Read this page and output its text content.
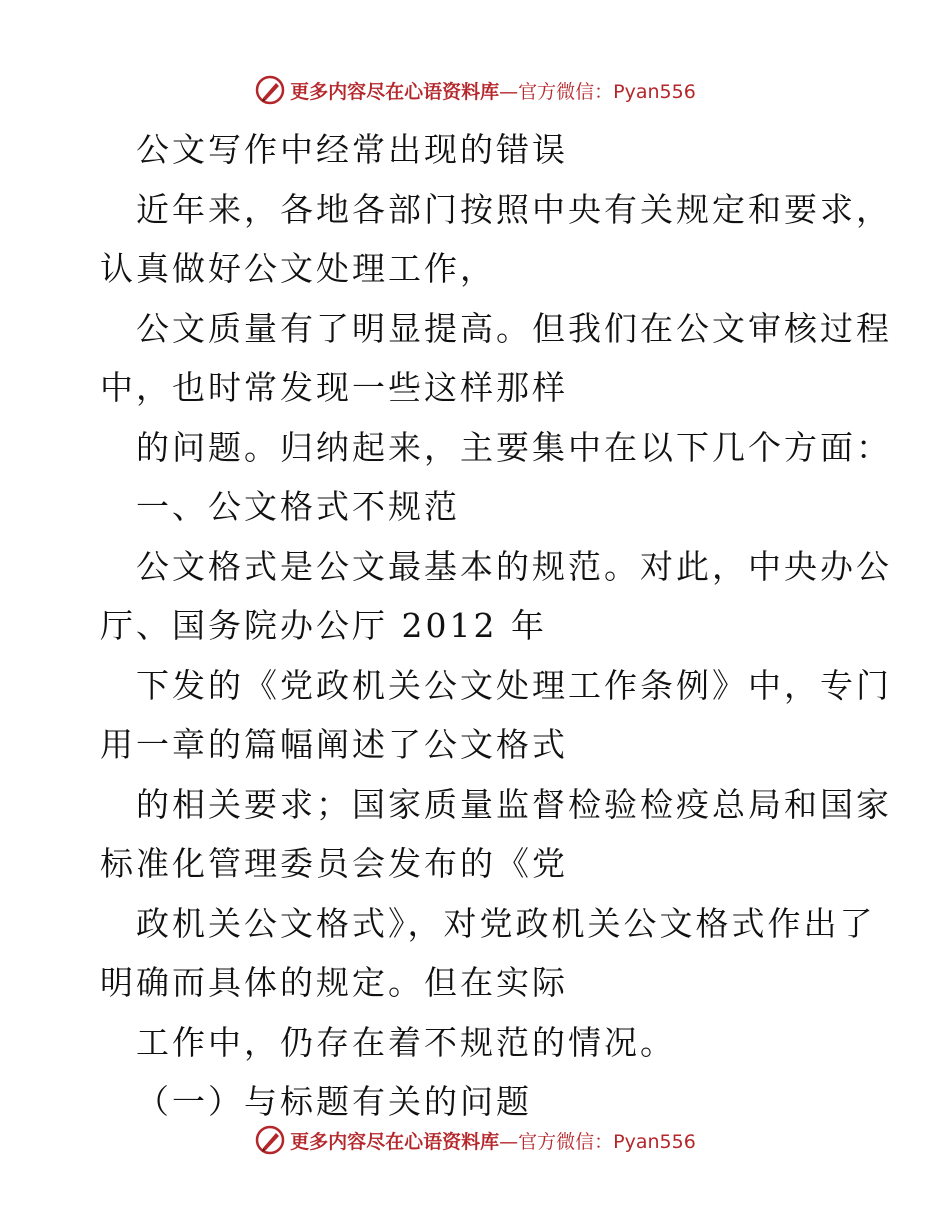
更多内容尽在心语资料库—官方微信：Pyan556
公文写作中经常出现的错误
近年来，各地各部门按照中央有关规定和要求，
认真做好公文处理工作，
公文质量有了明显提高。但我们在公文审核过程
中，也时常发现一些这样那样
的问题。归纳起来，主要集中在以下几个方面：
一、公文格式不规范
公文格式是公文最基本的规范。对此，中央办公
厅、国务院办公厅 2012 年
下发的《党政机关公文处理工作条例》中，专门
用一章的篇幅阐述了公文格式
的相关要求；国家质量监督检验检疫总局和国家
标准化管理委员会发布的《党
政机关公文格式》，对党政机关公文格式作出了
明确而具体的规定。但在实际
工作中，仍存在着不规范的情况。
（一）与标题有关的问题
更多内容尽在心语资料库—官方微信：Pyan556
